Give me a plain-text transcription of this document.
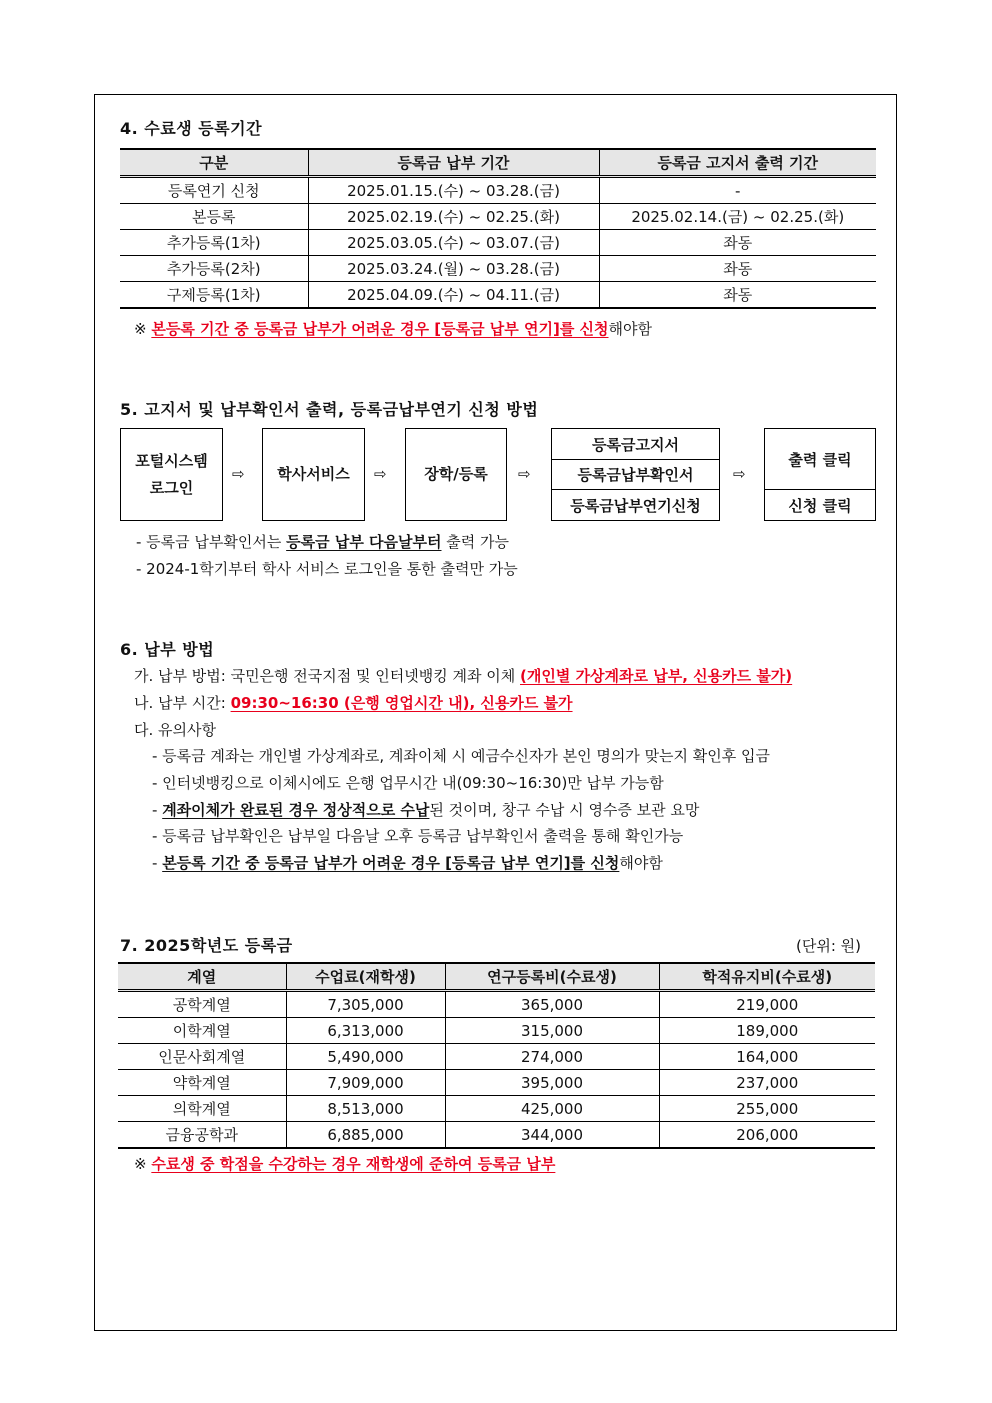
4. 수료생 등록기간
구분	등록금 납부 기간	등록금 고지서 출력 기간
등록연기 신청	2025.01.15.(수) ~ 03.28.(금)	-
본등록	2025.02.19.(수) ~ 02.25.(화)	2025.02.14.(금) ~ 02.25.(화)
추가등록(1차)	2025.03.05.(수) ~ 03.07.(금)	좌동
추가등록(2차)	2025.03.24.(월) ~ 03.28.(금)	좌동
구제등록(1차)	2025.04.09.(수) ~ 04.11.(금)	좌동
※ 본등록 기간 중 등록금 납부가 어려운 경우 [등록금 납부 연기]를 신청해야함
5. 고지서 및 납부확인서 출력, 등록금납부연기 신청 방법
포털시스템
로그인
⇨	학사서비스	⇨	장학/등록	⇨
등록금고지서
등록금납부확인서
등록금납부연기신청
⇨
출력 클릭
신청 클릭
- 등록금 납부확인서는 등록금 납부 다음날부터 출력 가능
- 2024-1학기부터 학사 서비스 로그인을 통한 출력만 가능
6. 납부 방법
가. 납부 방법: 국민은행 전국지점 및 인터넷뱅킹 계좌 이체 (개인별 가상계좌로 납부, 신용카드 불가)
나. 납부 시간: 09:30~16:30 (은행 영업시간 내), 신용카드 불가
다. 유의사항
- 등록금 계좌는 개인별 가상계좌로, 계좌이체 시 예금수신자가 본인 명의가 맞는지 확인후 입금
- 인터넷뱅킹으로 이체시에도 은행 업무시간 내(09:30~16:30)만 납부 가능함
- 계좌이체가 완료된 경우 정상적으로 수납된 것이며, 창구 수납 시 영수증 보관 요망
- 등록금 납부확인은 납부일 다음날 오후 등록금 납부확인서 출력을 통해 확인가능
- 본등록 기간 중 등록금 납부가 어려운 경우 [등록금 납부 연기]를 신청해야함
7. 2025학년도 등록금	(단위: 원)
계열	수업료(재학생)	연구등록비(수료생)	학적유지비(수료생)
공학계열	7,305,000	365,000	219,000
이학계열	6,313,000	315,000	189,000
인문사회계열	5,490,000	274,000	164,000
약학계열	7,909,000	395,000	237,000
의학계열	8,513,000	425,000	255,000
금융공학과	6,885,000	344,000	206,000
※ 수료생 중 학점을 수강하는 경우 재학생에 준하여 등록금 납부
